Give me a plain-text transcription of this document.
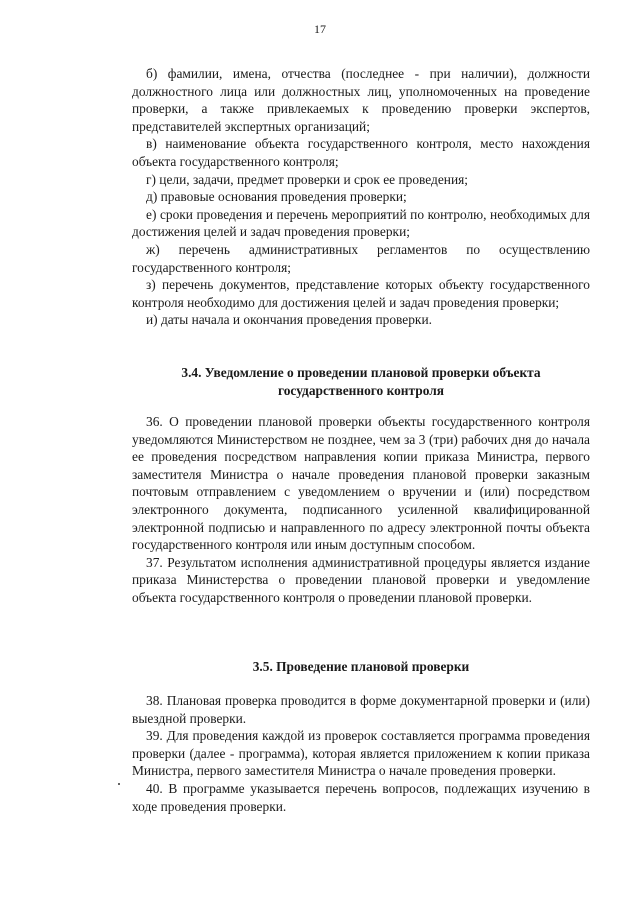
17

б) фамилии, имена, отчества (последнее - при наличии), должности должностного лица или должностных лиц, уполномоченных на проведение проверки, а также привлекаемых к проведению проверки экспертов, представителей экспертных организаций;

в) наименование объекта государственного контроля, место нахождения объекта государственного контроля;

г) цели, задачи, предмет проверки и срок ее проведения;

д) правовые основания проведения проверки;

е) сроки проведения и перечень мероприятий по контролю, необходимых для достижения целей и задач проведения проверки;

ж) перечень административных регламентов по осуществлению государственного контроля;

з) перечень документов, представление которых объекту государственного контроля необходимо для достижения целей и задач проведения проверки;

и) даты начала и окончания проведения проверки.

3.4. Уведомление о проведении плановой проверки объекта государственного контроля

36. О проведении плановой проверки объекты государственного контроля уведомляются Министерством не позднее, чем за 3 (три) рабочих дня до начала ее проведения посредством направления копии приказа Министра, первого заместителя Министра о начале проведения плановой проверки заказным почтовым отправлением с уведомлением о вручении и (или) посредством электронного документа, подписанного усиленной квалифицированной электронной подписью и направленного по адресу электронной почты объекта государственного контроля или иным доступным способом.

37. Результатом исполнения административной процедуры является издание приказа Министерства о проведении плановой проверки и уведомление объекта государственного контроля о проведении плановой проверки.

3.5. Проведение плановой проверки

38. Плановая проверка проводится в форме документарной проверки и (или) выездной проверки.

39. Для проведения каждой из проверок составляется программа проведения проверки (далее - программа), которая является приложением к копии приказа Министра, первого заместителя Министра о начале проведения проверки.

40. В программе указывается перечень вопросов, подлежащих изучению в ходе проведения проверки.
